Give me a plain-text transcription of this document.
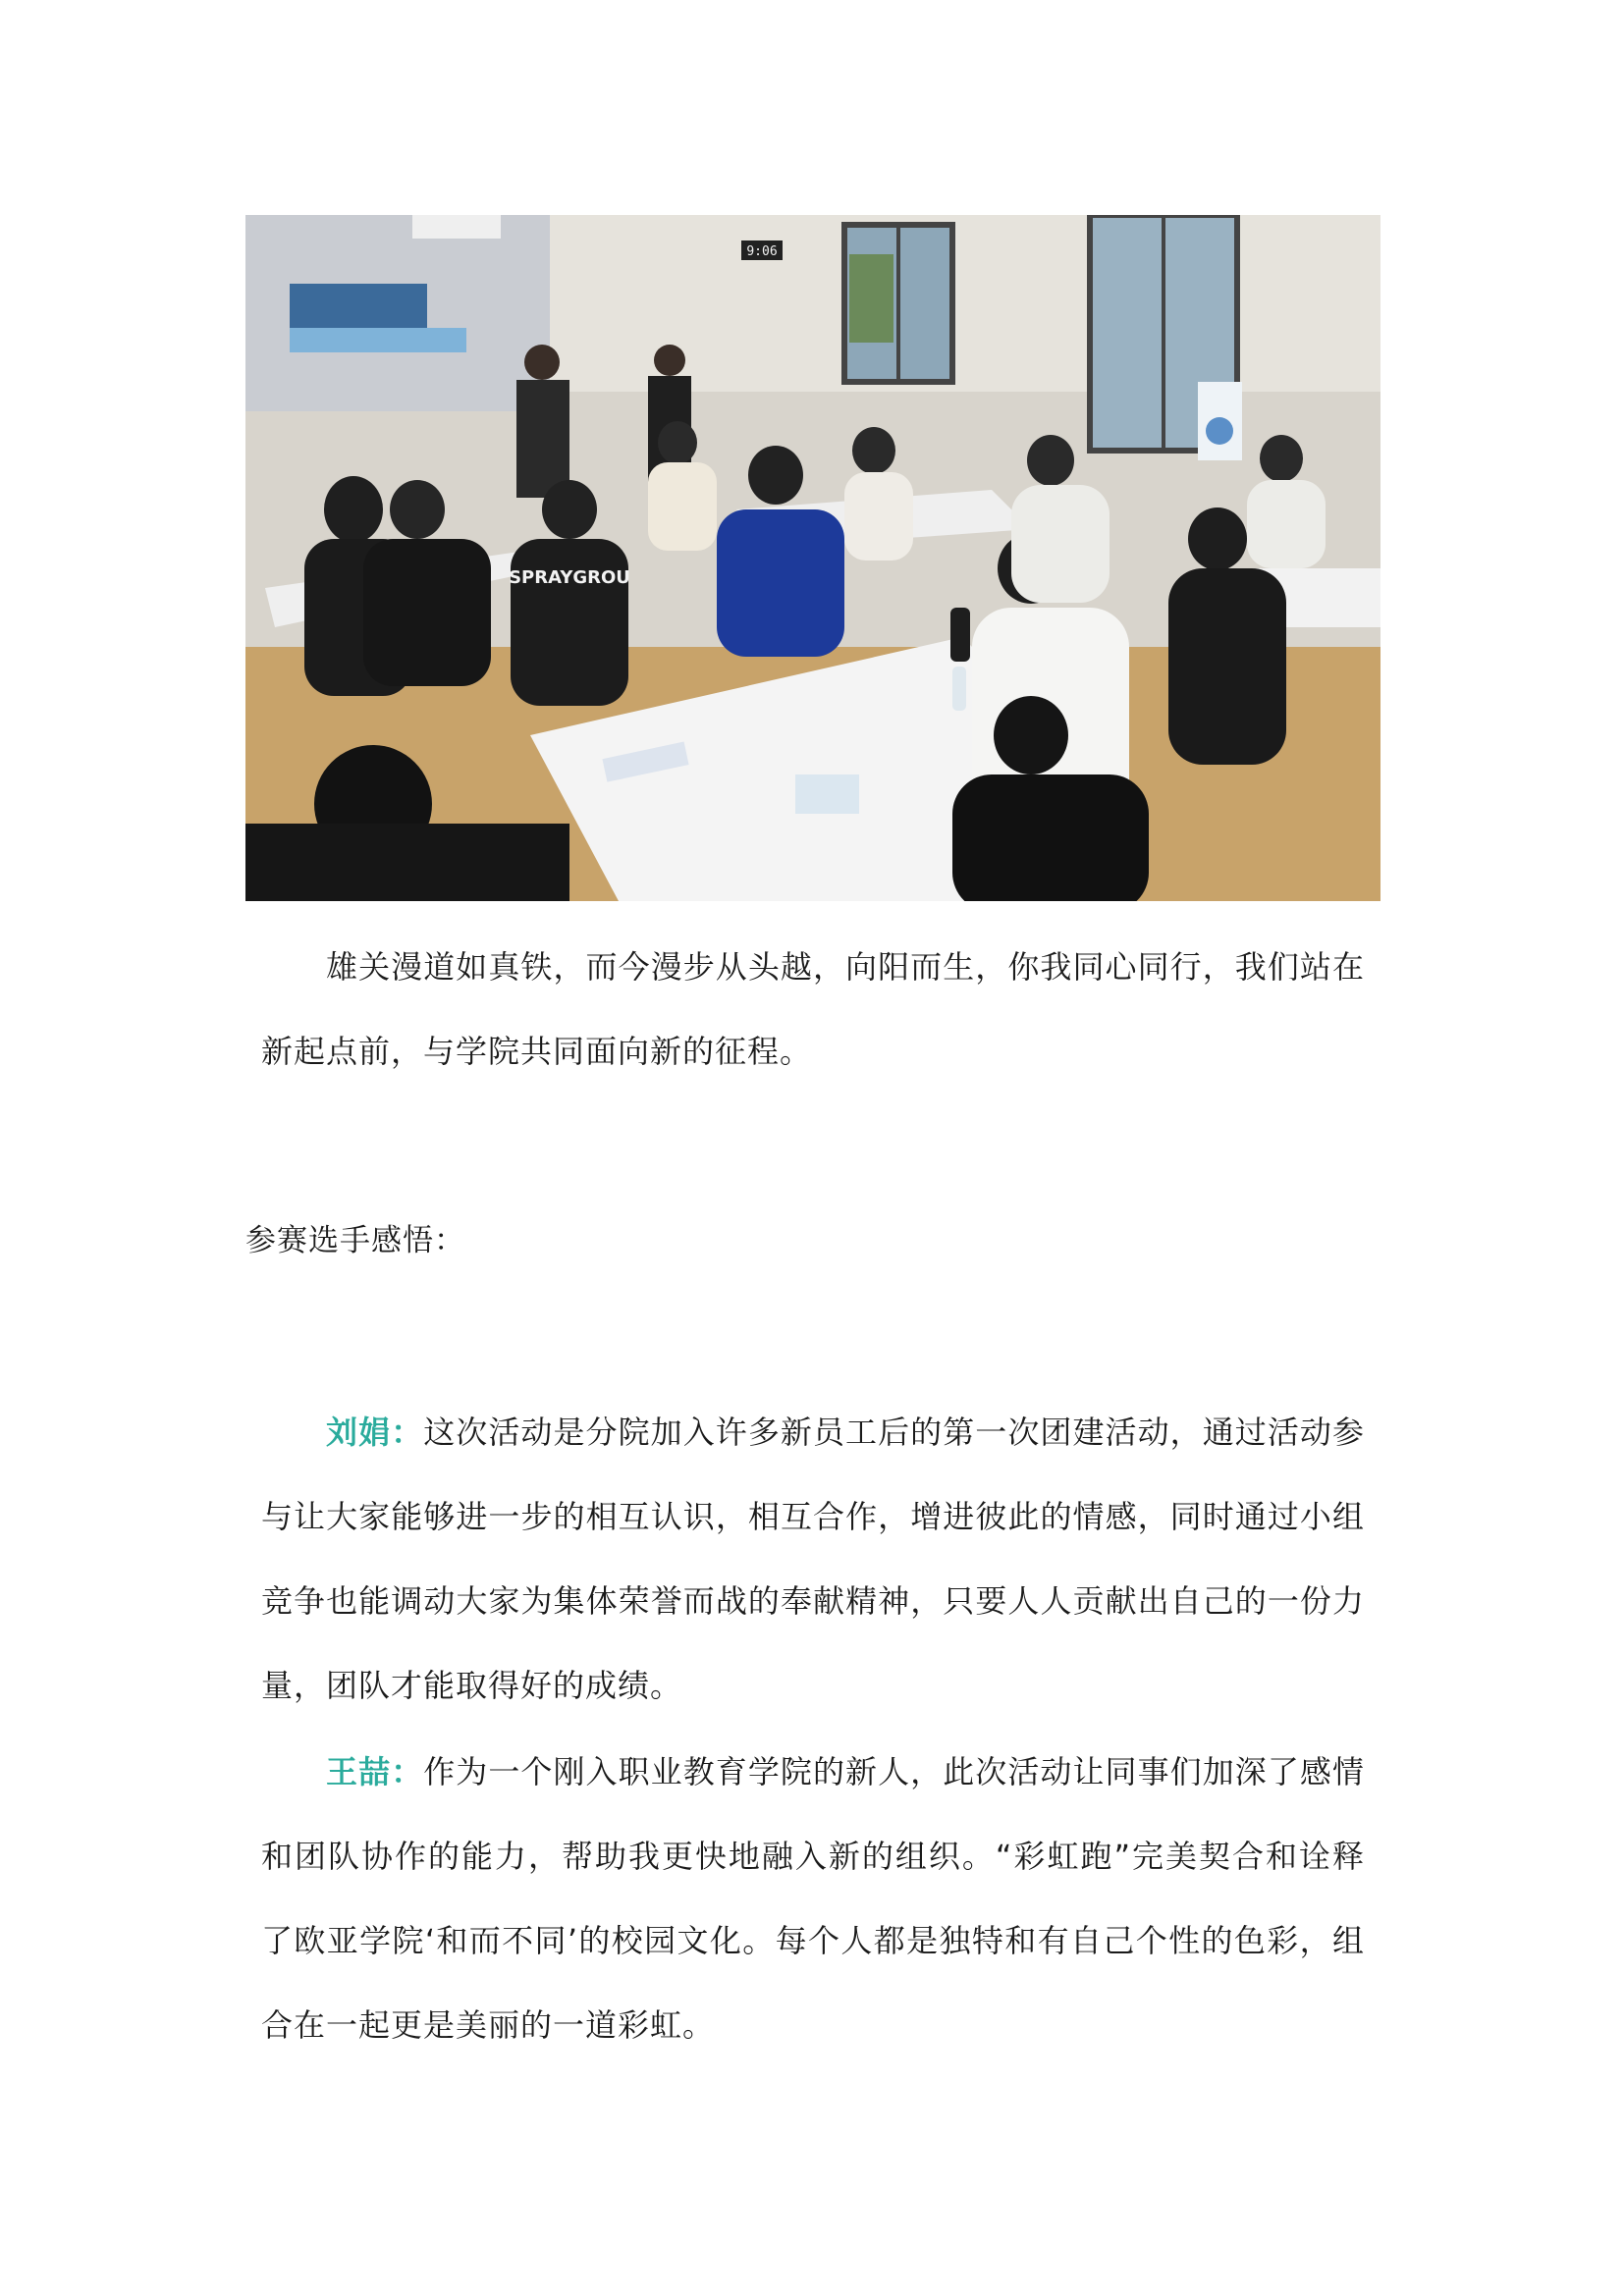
9:06
SPRAYGROU

雄关漫道如真铁，而今漫步从头越，向阳而生，你我同心同行，我们站在新起点前，与学院共同面向新的征程。

参赛选手感悟：

刘娟：这次活动是分院加入许多新员工后的第一次团建活动，通过活动参与让大家能够进一步的相互认识，相互合作，增进彼此的情感，同时通过小组竞争也能调动大家为集体荣誉而战的奉献精神，只要人人贡献出自己的一份力量，团队才能取得好的成绩。

王喆：作为一个刚入职业教育学院的新人，此次活动让同事们加深了感情和团队协作的能力，帮助我更快地融入新的组织。“彩虹跑”完美契合和诠释了欧亚学院‘和而不同’的校园文化。每个人都是独特和有自己个性的色彩，组合在一起更是美丽的一道彩虹。
